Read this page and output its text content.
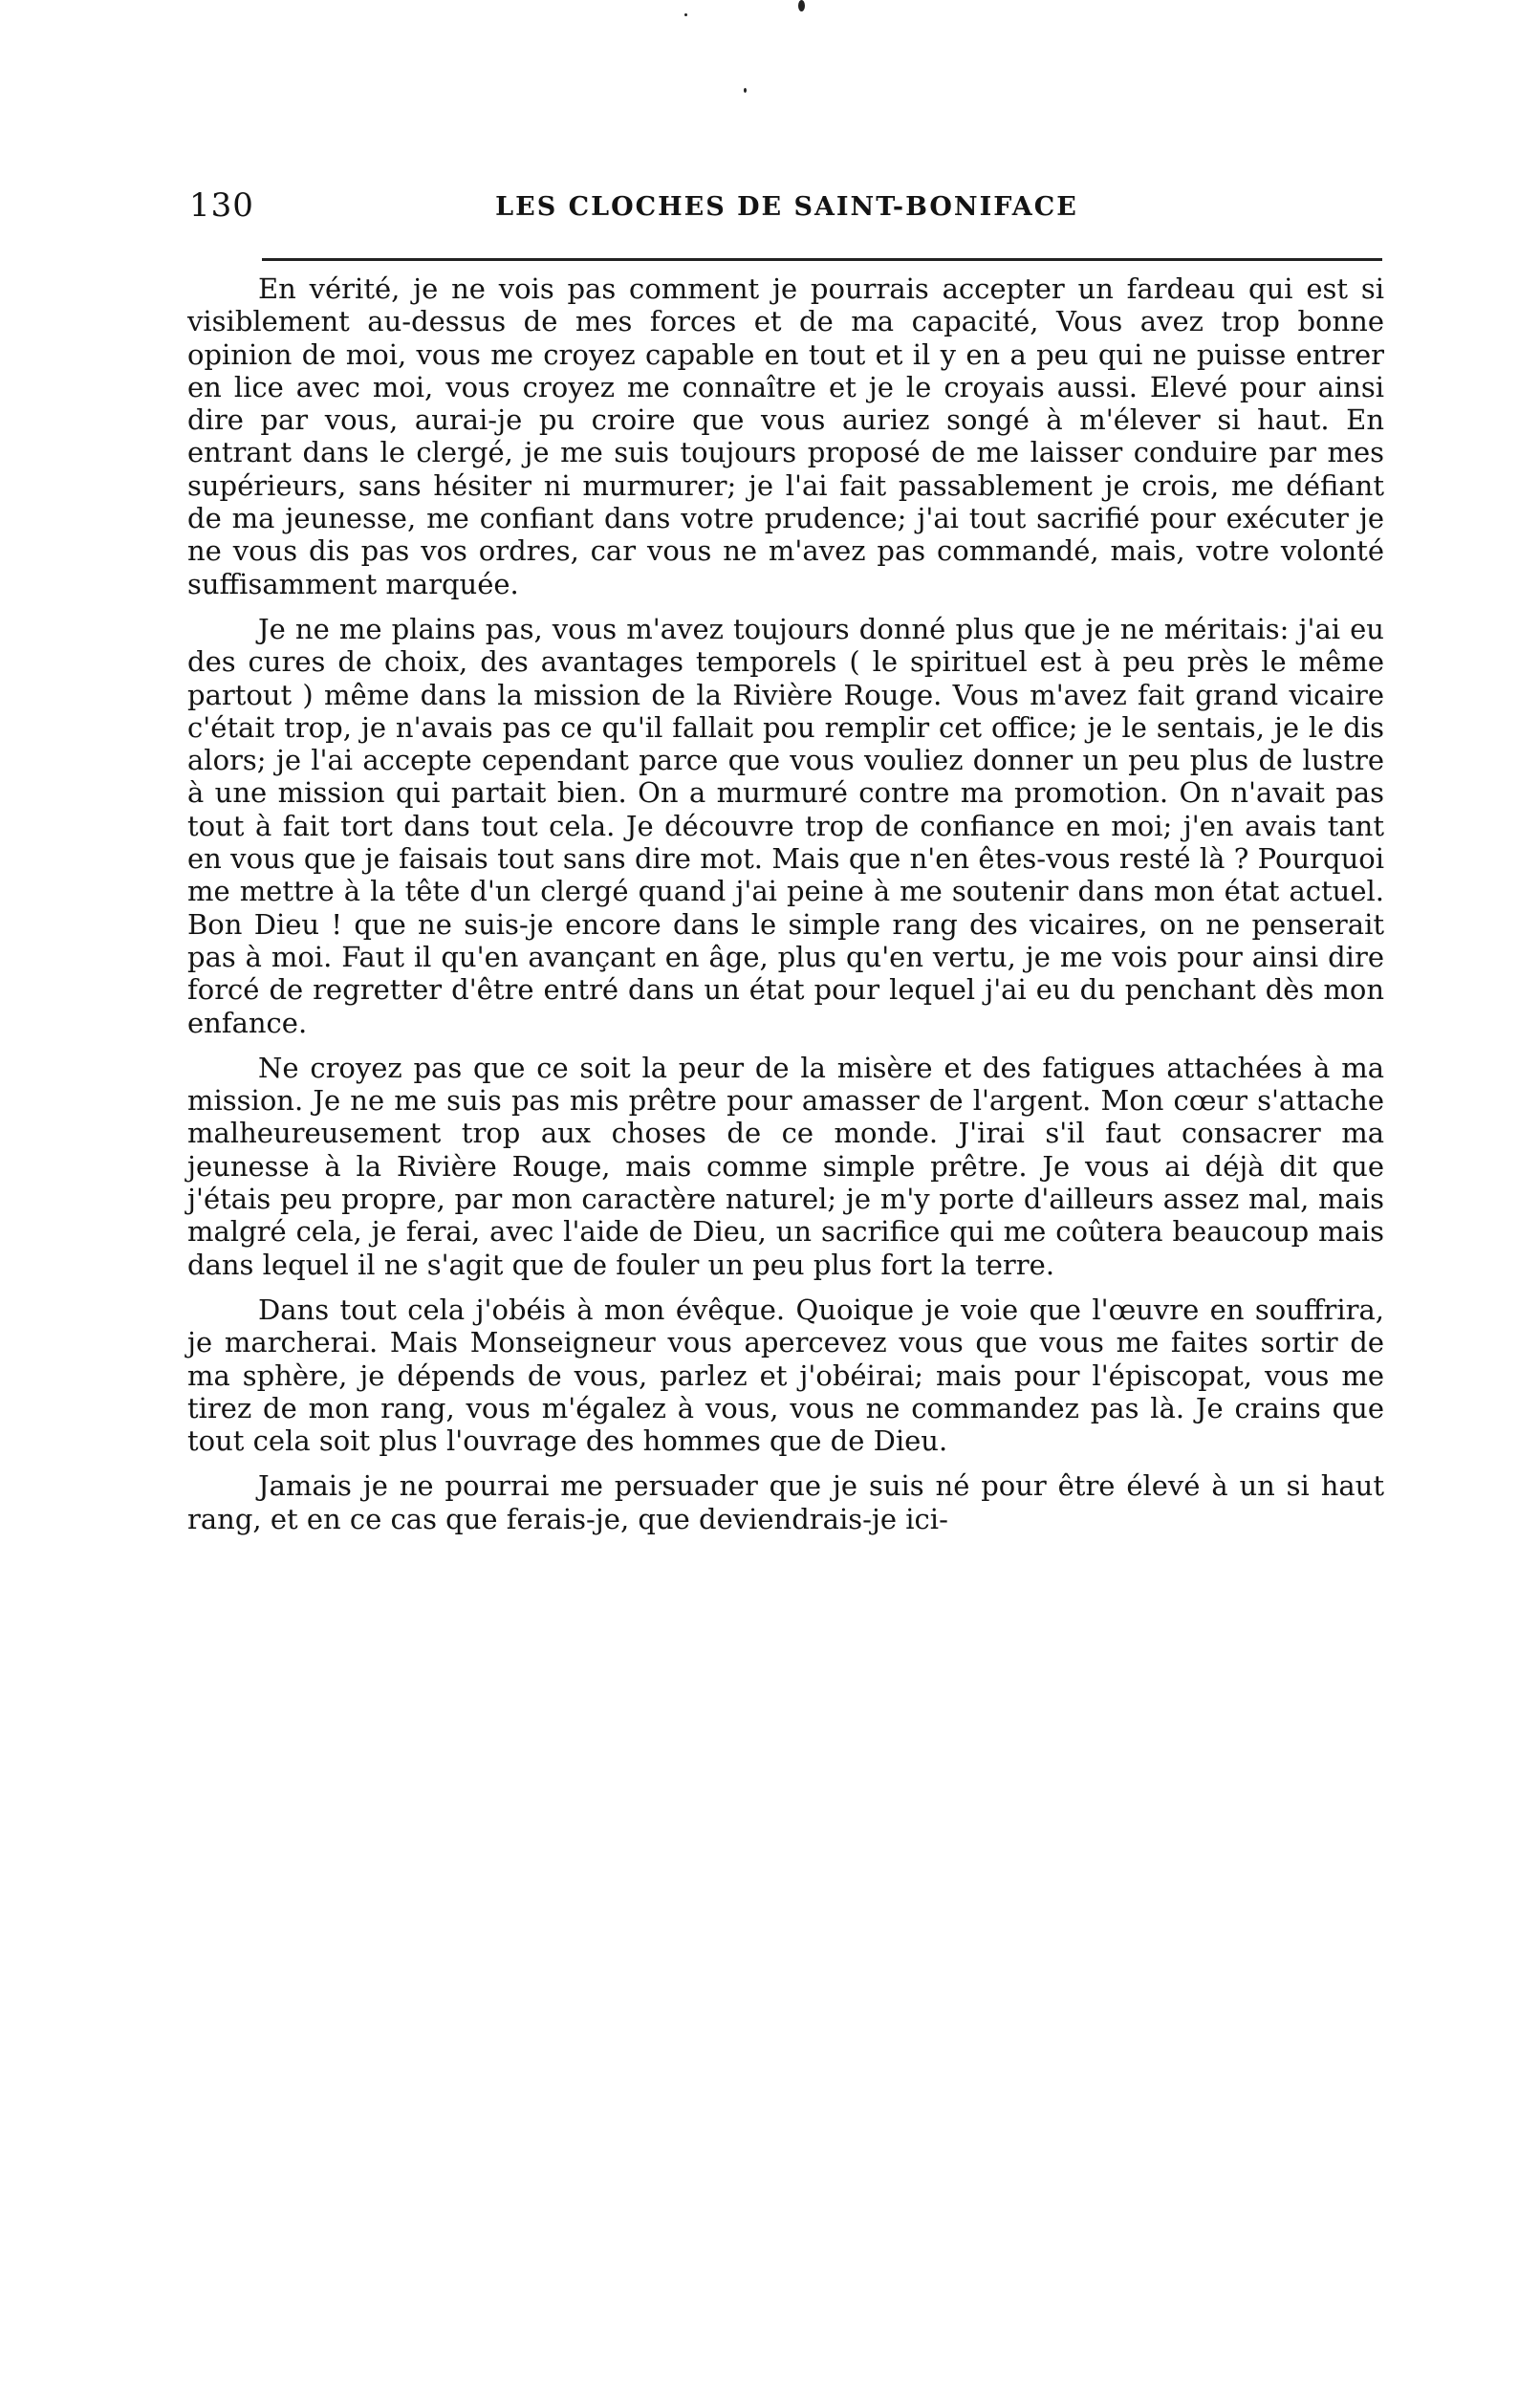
130	LES CLOCHES DE SAINT-BONIFACE

En vérité, je ne vois pas comment je pourrais accepter un fardeau qui est si visiblement au-dessus de mes forces et de ma capacité, Vous avez trop bonne opinion de moi, vous me croyez capable en tout et il y en a peu qui ne puisse entrer en lice avec moi, vous croyez me connaître et je le croyais aussi. Elevé pour ainsi dire par vous, aurai-je pu croire que vous auriez songé à m'élever si haut. En entrant dans le clergé, je me suis toujours proposé de me laisser conduire par mes supérieurs, sans hésiter ni murmurer; je l'ai fait passablement je crois, me défiant de ma jeunesse, me confiant dans votre prudence; j'ai tout sacrifié pour exécuter je ne vous dis pas vos ordres, car vous ne m'avez pas commandé, mais, votre volonté suffisamment marquée.

Je ne me plains pas, vous m'avez toujours donné plus que je ne méritais: j'ai eu des cures de choix, des avantages temporels ( le spirituel est à peu près le même partout ) même dans la mission de la Rivière Rouge. Vous m'avez fait grand vicaire c'était trop, je n'avais pas ce qu'il fallait pou remplir cet office; je le sentais, je le dis alors; je l'ai accepte cependant parce que vous vouliez donner un peu plus de lustre à une mission qui partait bien. On a murmuré contre ma promotion. On n'avait pas tout à fait tort dans tout cela. Je découvre trop de confiance en moi; j'en avais tant en vous que je faisais tout sans dire mot. Mais que n'en êtes-vous resté là ? Pourquoi me mettre à la tête d'un clergé quand j'ai peine à me soutenir dans mon état actuel. Bon Dieu ! que ne suis-je encore dans le simple rang des vicaires, on ne penserait pas à moi. Faut il qu'en avançant en âge, plus qu'en vertu, je me vois pour ainsi dire forcé de regretter d'être entré dans un état pour lequel j'ai eu du penchant dès mon enfance.

Ne croyez pas que ce soit la peur de la misère et des fatigues attachées à ma mission. Je ne me suis pas mis prêtre pour amasser de l'argent. Mon cœur s'attache malheureusement trop aux choses de ce monde. J'irai s'il faut consacrer ma jeunesse à la Rivière Rouge, mais comme simple prêtre. Je vous ai déjà dit que j'étais peu propre, par mon caractère naturel; je m'y porte d'ailleurs assez mal, mais malgré cela, je ferai, avec l'aide de Dieu, un sacrifice qui me coûtera beaucoup mais dans lequel il ne s'agit que de fouler un peu plus fort la terre.

Dans tout cela j'obéis à mon évêque. Quoique je voie que l'œuvre en souffrira, je marcherai. Mais Monseigneur vous apercevez vous que vous me faites sortir de ma sphère, je dépends de vous, parlez et j'obéirai; mais pour l'épiscopat, vous me tirez de mon rang, vous m'égalez à vous, vous ne commandez pas là. Je crains que tout cela soit plus l'ouvrage des hommes que de Dieu.

Jamais je ne pourrai me persuader que je suis né pour être élevé à un si haut rang, et en ce cas que ferais-je, que deviendrais-je ici-
